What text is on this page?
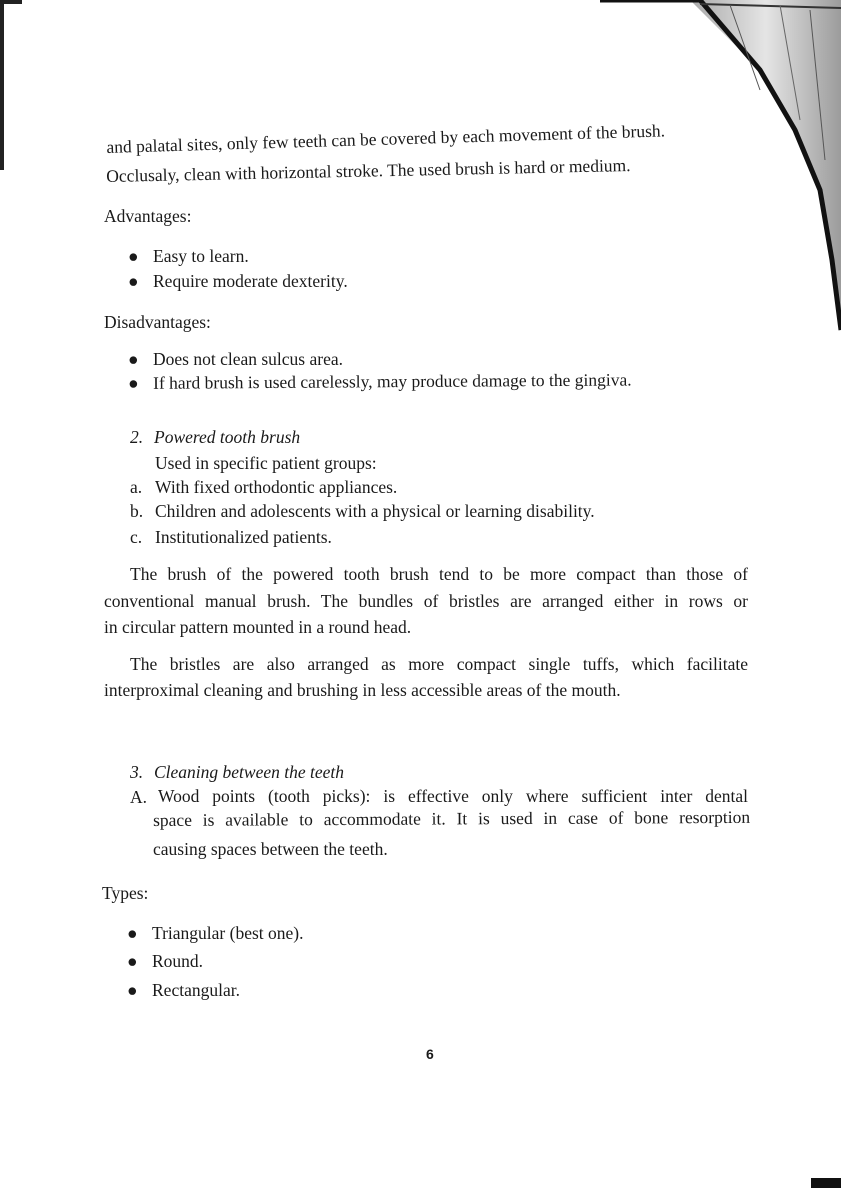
and palatal sites, only few teeth can be covered by each movement of the brush.
Occlusaly, clean with horizontal stroke. The used brush is hard or medium.
Advantages:
● Easy to learn.
● Require moderate dexterity.
Disadvantages:
● Does not clean sulcus area.
● If hard brush is used carelessly, may produce damage to the gingiva.
2. Powered tooth brush
Used in specific patient groups:
a. With fixed orthodontic appliances.
b. Children and adolescents with a physical or learning disability.
c. Institutionalized patients.
The brush of the powered tooth brush tend to be more compact than those of
conventional manual brush. The bundles of bristles are arranged either in rows or
in circular pattern mounted in a round head.
The bristles are also arranged as more compact single tuffs, which facilitate
interproximal cleaning and brushing in less accessible areas of the mouth.
3. Cleaning between the teeth
A. Wood points (tooth picks): is effective only where sufficient inter dental
space is available to accommodate it. It is used in case of bone resorption
causing spaces between the teeth.
Types:
● Triangular (best one).
● Round.
● Rectangular.
6
